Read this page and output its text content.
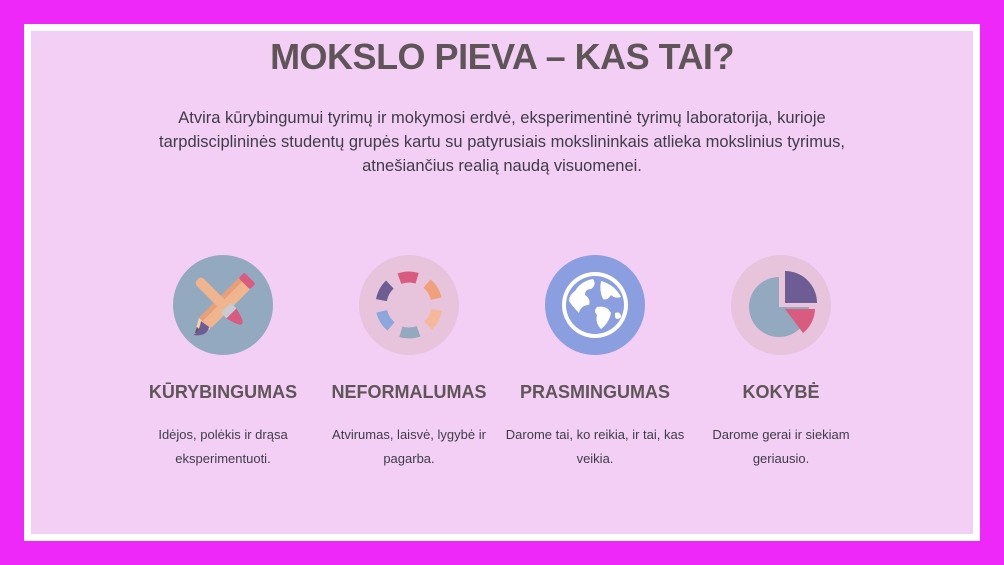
MOKSLO PIEVA – KAS TAI?

Atvira kūrybingumui tyrimų ir mokymosi erdvė, eksperimentinė tyrimų laboratorija, kurioje tarpdisciplininės studentų grupės kartu su patyrusiais mokslininkais atlieka mokslinius tyrimus, atnešiančius realią naudą visuomenei.

KŪRYBINGUMAS
Idėjos, polėkis ir drąsa eksperimentuoti.
NEFORMALUMAS
Atvirumas, laisvė, lygybė ir pagarba.
PRASMINGUMAS
Darome tai, ko reikia, ir tai, kas veikia.
KOKYBĖ
Darome gerai ir siekiam geriausio.
